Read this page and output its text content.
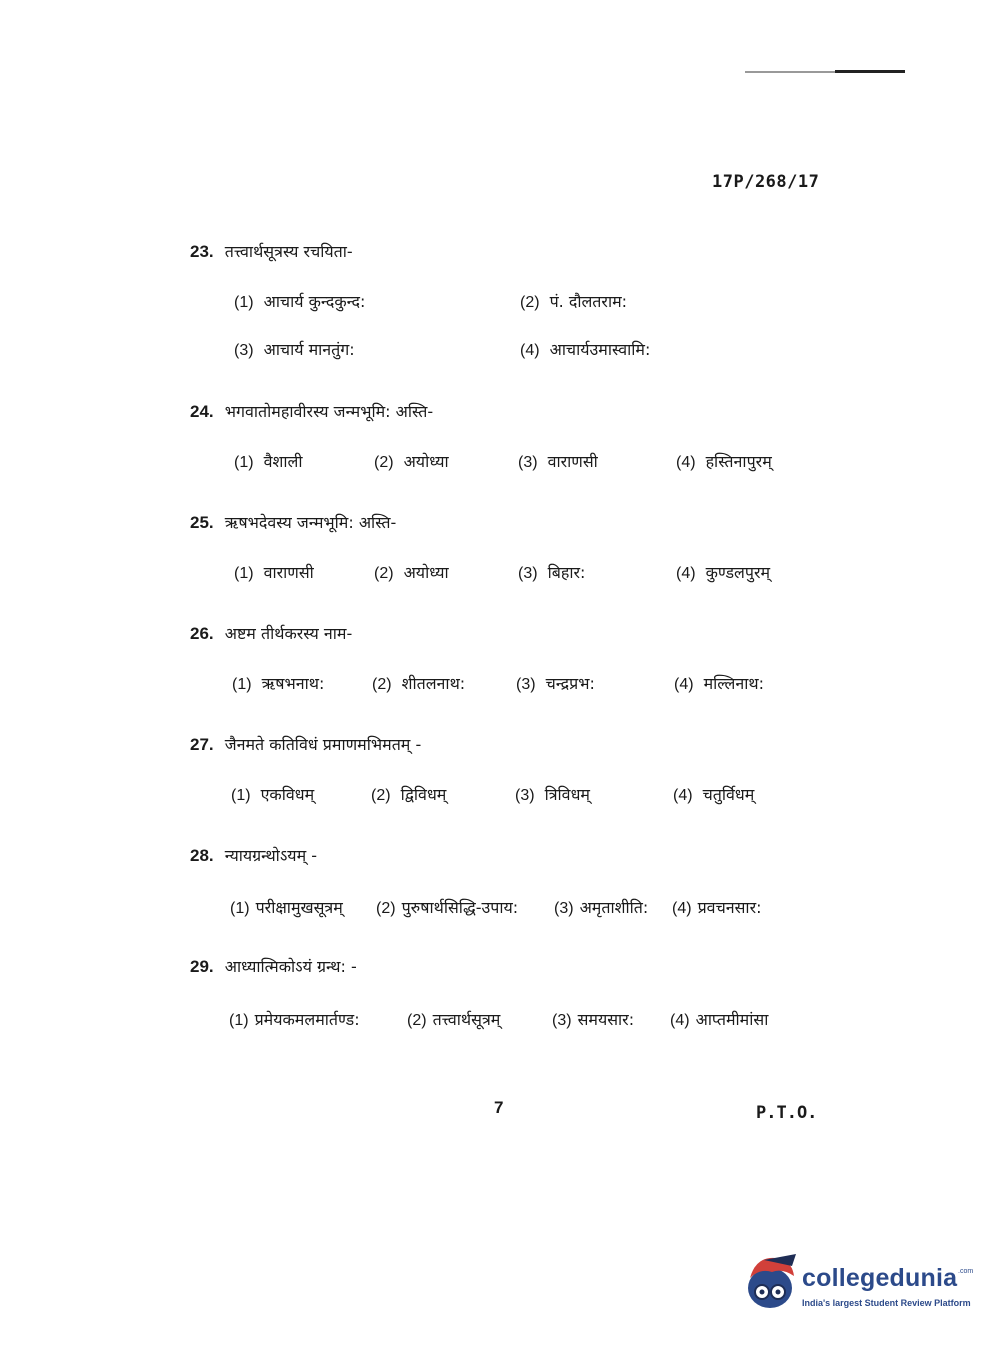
17P/268/17
23. तत्त्वार्थसूत्रस्य रचयिता-
(1) आचार्य कुन्दकुन्द:	(2) पं. दौलतराम:
(3) आचार्य मानतुंग:	(4) आचार्यउमास्वामि:
24. भगवातोमहावीरस्य जन्मभूमि: अस्ति-
(1) वैशाली	(2) अयोध्या	(3) वाराणसी	(4) हस्तिनापुरम्
25. ऋषभदेवस्य जन्मभूमि: अस्ति-
(1) वाराणसी	(2) अयोध्या	(3) बिहार:	(4) कुण्डलपुरम्
26. अष्टम तीर्थकरस्य नाम-
(1) ऋषभनाथ:	(2) शीतलनाथ:	(3) चन्द्रप्रभ:	(4) मल्लिनाथ:
27. जैनमते कतिविधं प्रमाणमभिमतम् -
(1) एकविधम्	(2) द्विविधम्	(3) त्रिविधम्	(4) चतुर्विधम्
28. न्यायग्रन्थोऽयम् -
(1) परीक्षामुखसूत्रम् (2) पुरुषार्थसिद्धि-उपाय: (3) अमृताशीति: (4) प्रवचनसार:
29. आध्यात्मिकोऽयं ग्रन्थ: -
(1) प्रमेयकमलमार्तण्ड:	(2) तत्त्वार्थसूत्रम्	(3) समयसार: (4) आप्तमीमांसा
7	P.T.O.
collegedunia .com
India's largest Student Review Platform
